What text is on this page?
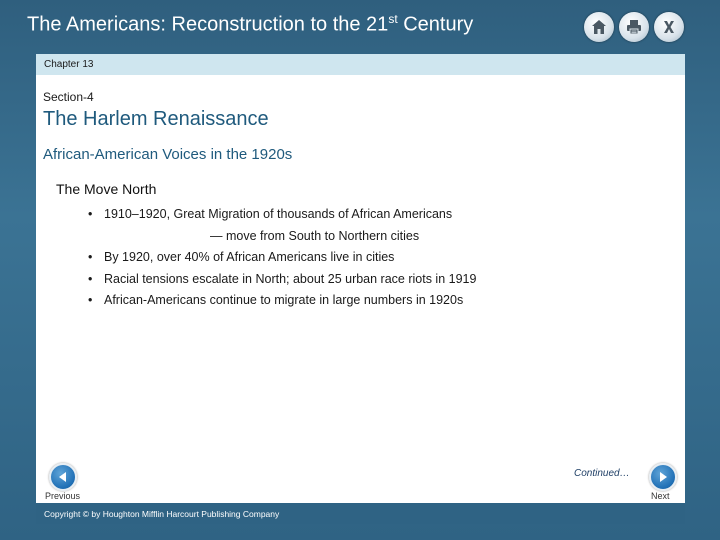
The Americans: Reconstruction to the 21st Century
Chapter 13
Section-4
The Harlem Renaissance
African-American Voices in the 1920s
The Move North
• 1910–1920, Great Migration of thousands of African Americans
— move from South to Northern cities
• By 1920, over 40% of African Americans live in cities
• Racial tensions escalate in North; about 25 urban race riots in 1919
• African-Americans continue to migrate in large numbers in 1920s
Previous
Continued…
Next
Copyright © by Houghton Mifflin Harcourt Publishing Company
